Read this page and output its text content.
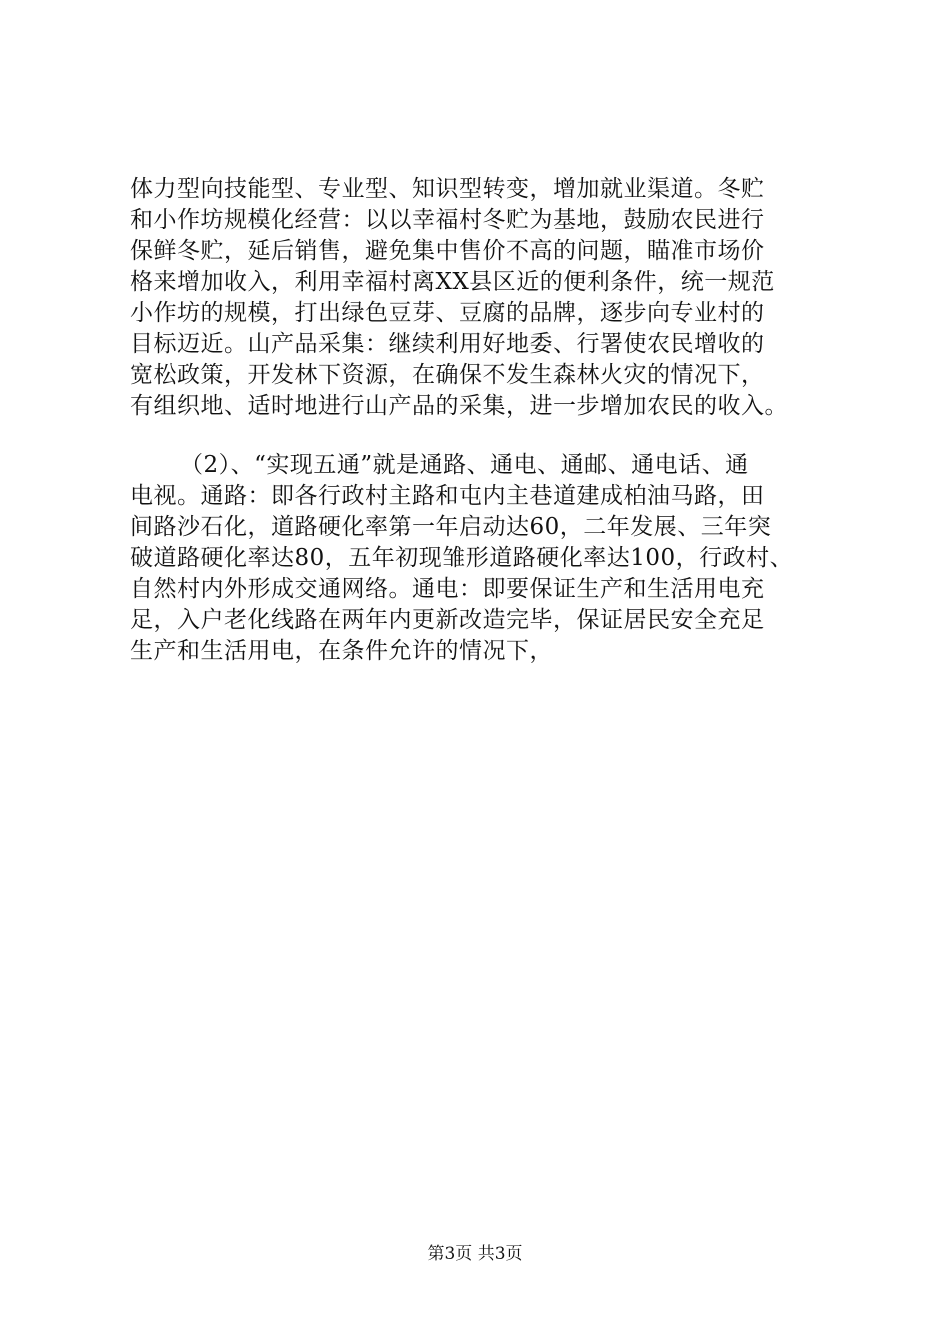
体力型向技能型、专业型、知识型转变，增加就业渠道。冬贮
和小作坊规模化经营：以以幸福村冬贮为基地，鼓励农民进行
保鲜冬贮，延后销售，避免集中售价不高的问题，瞄准市场价
格来增加收入，利用幸福村离XX县区近的便利条件，统一规范
小作坊的规模，打出绿色豆芽、豆腐的品牌，逐步向专业村的
目标迈近。山产品采集：继续利用好地委、行署使农民增收的
宽松政策，开发林下资源，在确保不发生森林火灾的情况下，
有组织地、适时地进行山产品的采集，进一步增加农民的收入。
（2）、“实现五通”就是通路、通电、通邮、通电话、通
电视。通路：即各行政村主路和屯内主巷道建成柏油马路，田
间路沙石化，道路硬化率第一年启动达60，二年发展、三年突
破道路硬化率达80，五年初现雏形道路硬化率达100，行政村、
自然村内外形成交通网络。通电：即要保证生产和生活用电充
足，入户老化线路在两年内更新改造完毕，保证居民安全充足
生产和生活用电，在条件允许的情况下，
第3页 共3页
